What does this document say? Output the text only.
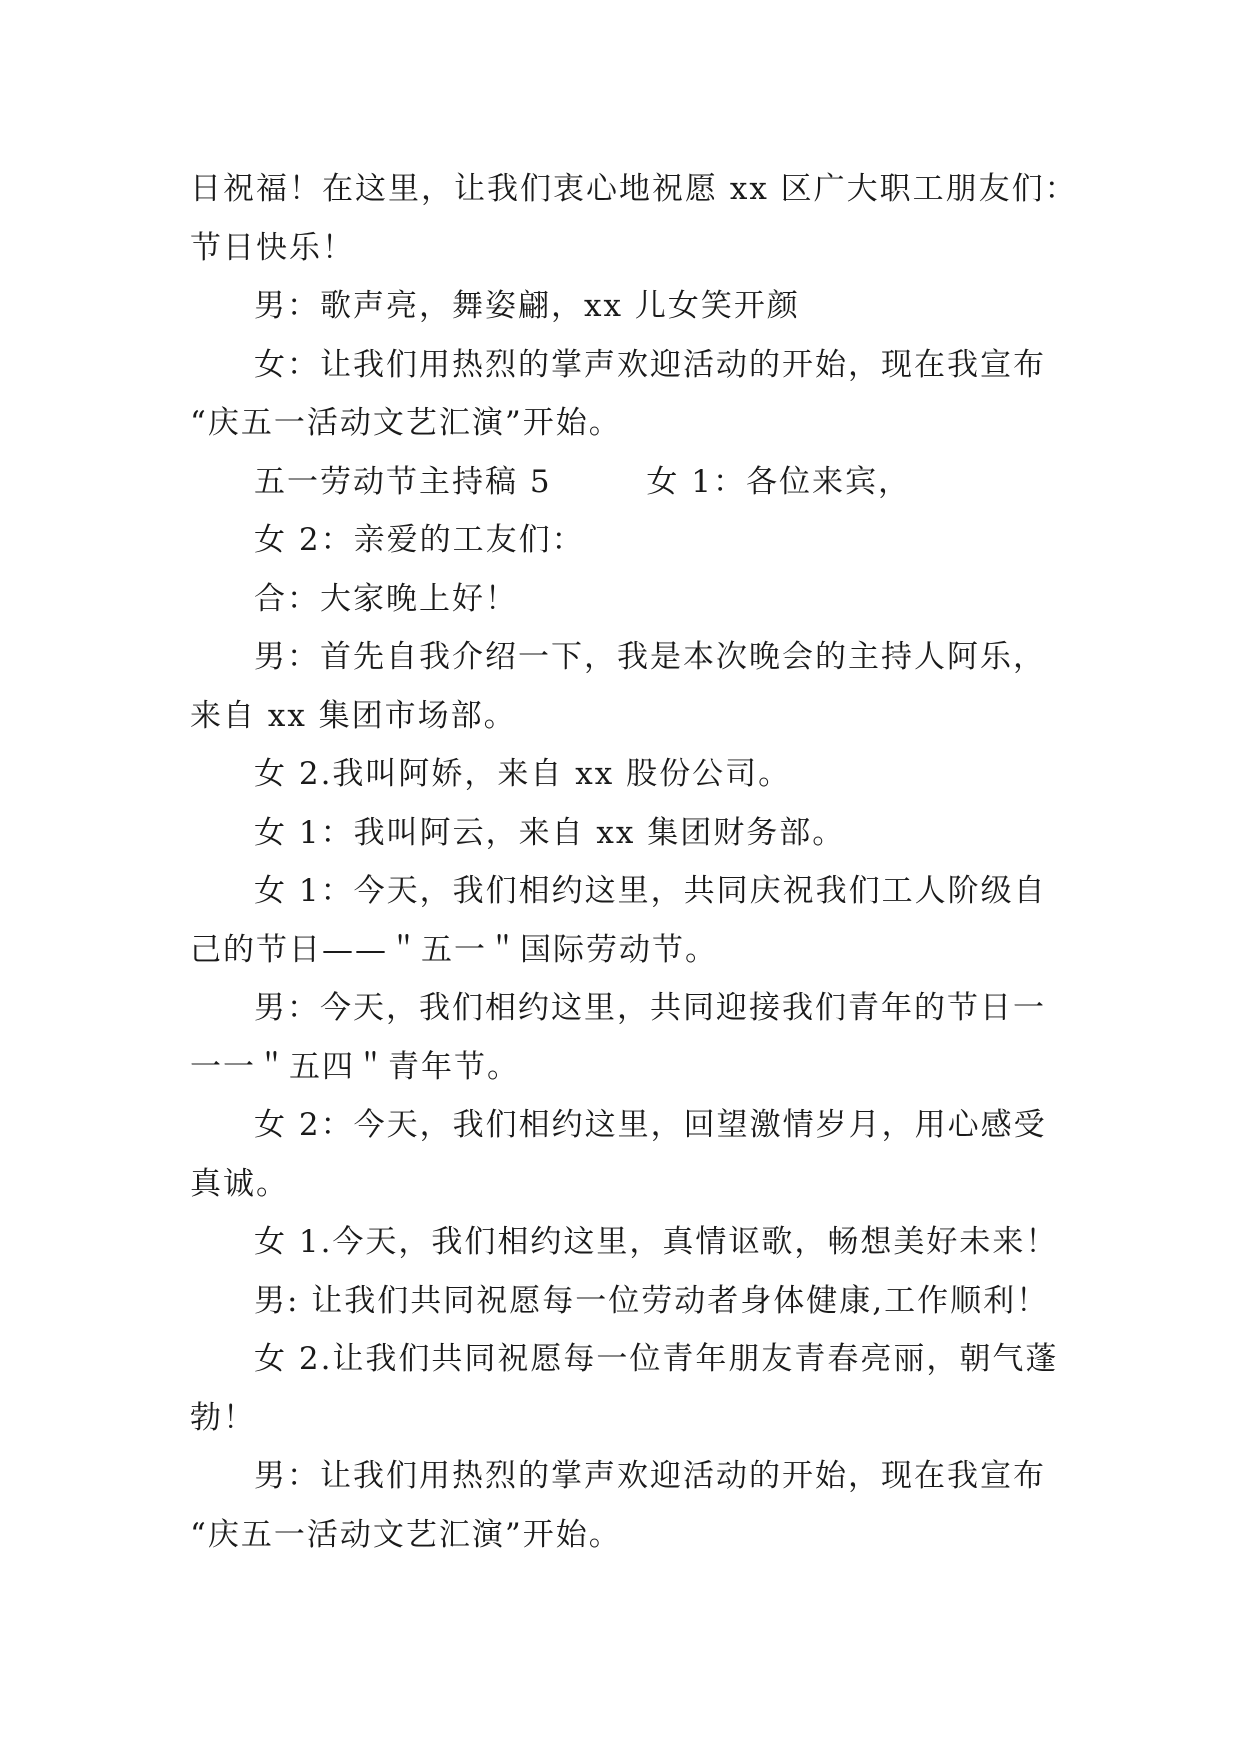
日祝福！在这里，让我们衷心地祝愿 xx 区广大职工朋友们：
节日快乐！
男：歌声亮，舞姿翩，xx 儿女笑开颜
女：让我们用热烈的掌声欢迎活动的开始，现在我宣布
“庆五一活动文艺汇演”开始。
五一劳动节主持稿 5        女 1：各位来宾，
女 2：亲爱的工友们：
合：大家晚上好！
男：首先自我介绍一下，我是本次晚会的主持人阿乐，
来自 xx 集团市场部。
女 2.我叫阿娇，来自 xx 股份公司。
女 1：我叫阿云，来自 xx 集团财务部。
女 1：今天，我们相约这里，共同庆祝我们工人阶级自
己的节日——＂五一＂国际劳动节。
男：今天，我们相约这里，共同迎接我们青年的节日一
一一＂五四＂青年节。
女 2：今天，我们相约这里，回望激情岁月，用心感受
真诚。
女 1.今天，我们相约这里，真情讴歌，畅想美好未来！
男: 让我们共同祝愿每一位劳动者身体健康,工作顺利！
女 2.让我们共同祝愿每一位青年朋友青春亮丽，朝气蓬
勃！
男：让我们用热烈的掌声欢迎活动的开始，现在我宣布
“庆五一活动文艺汇演”开始。
